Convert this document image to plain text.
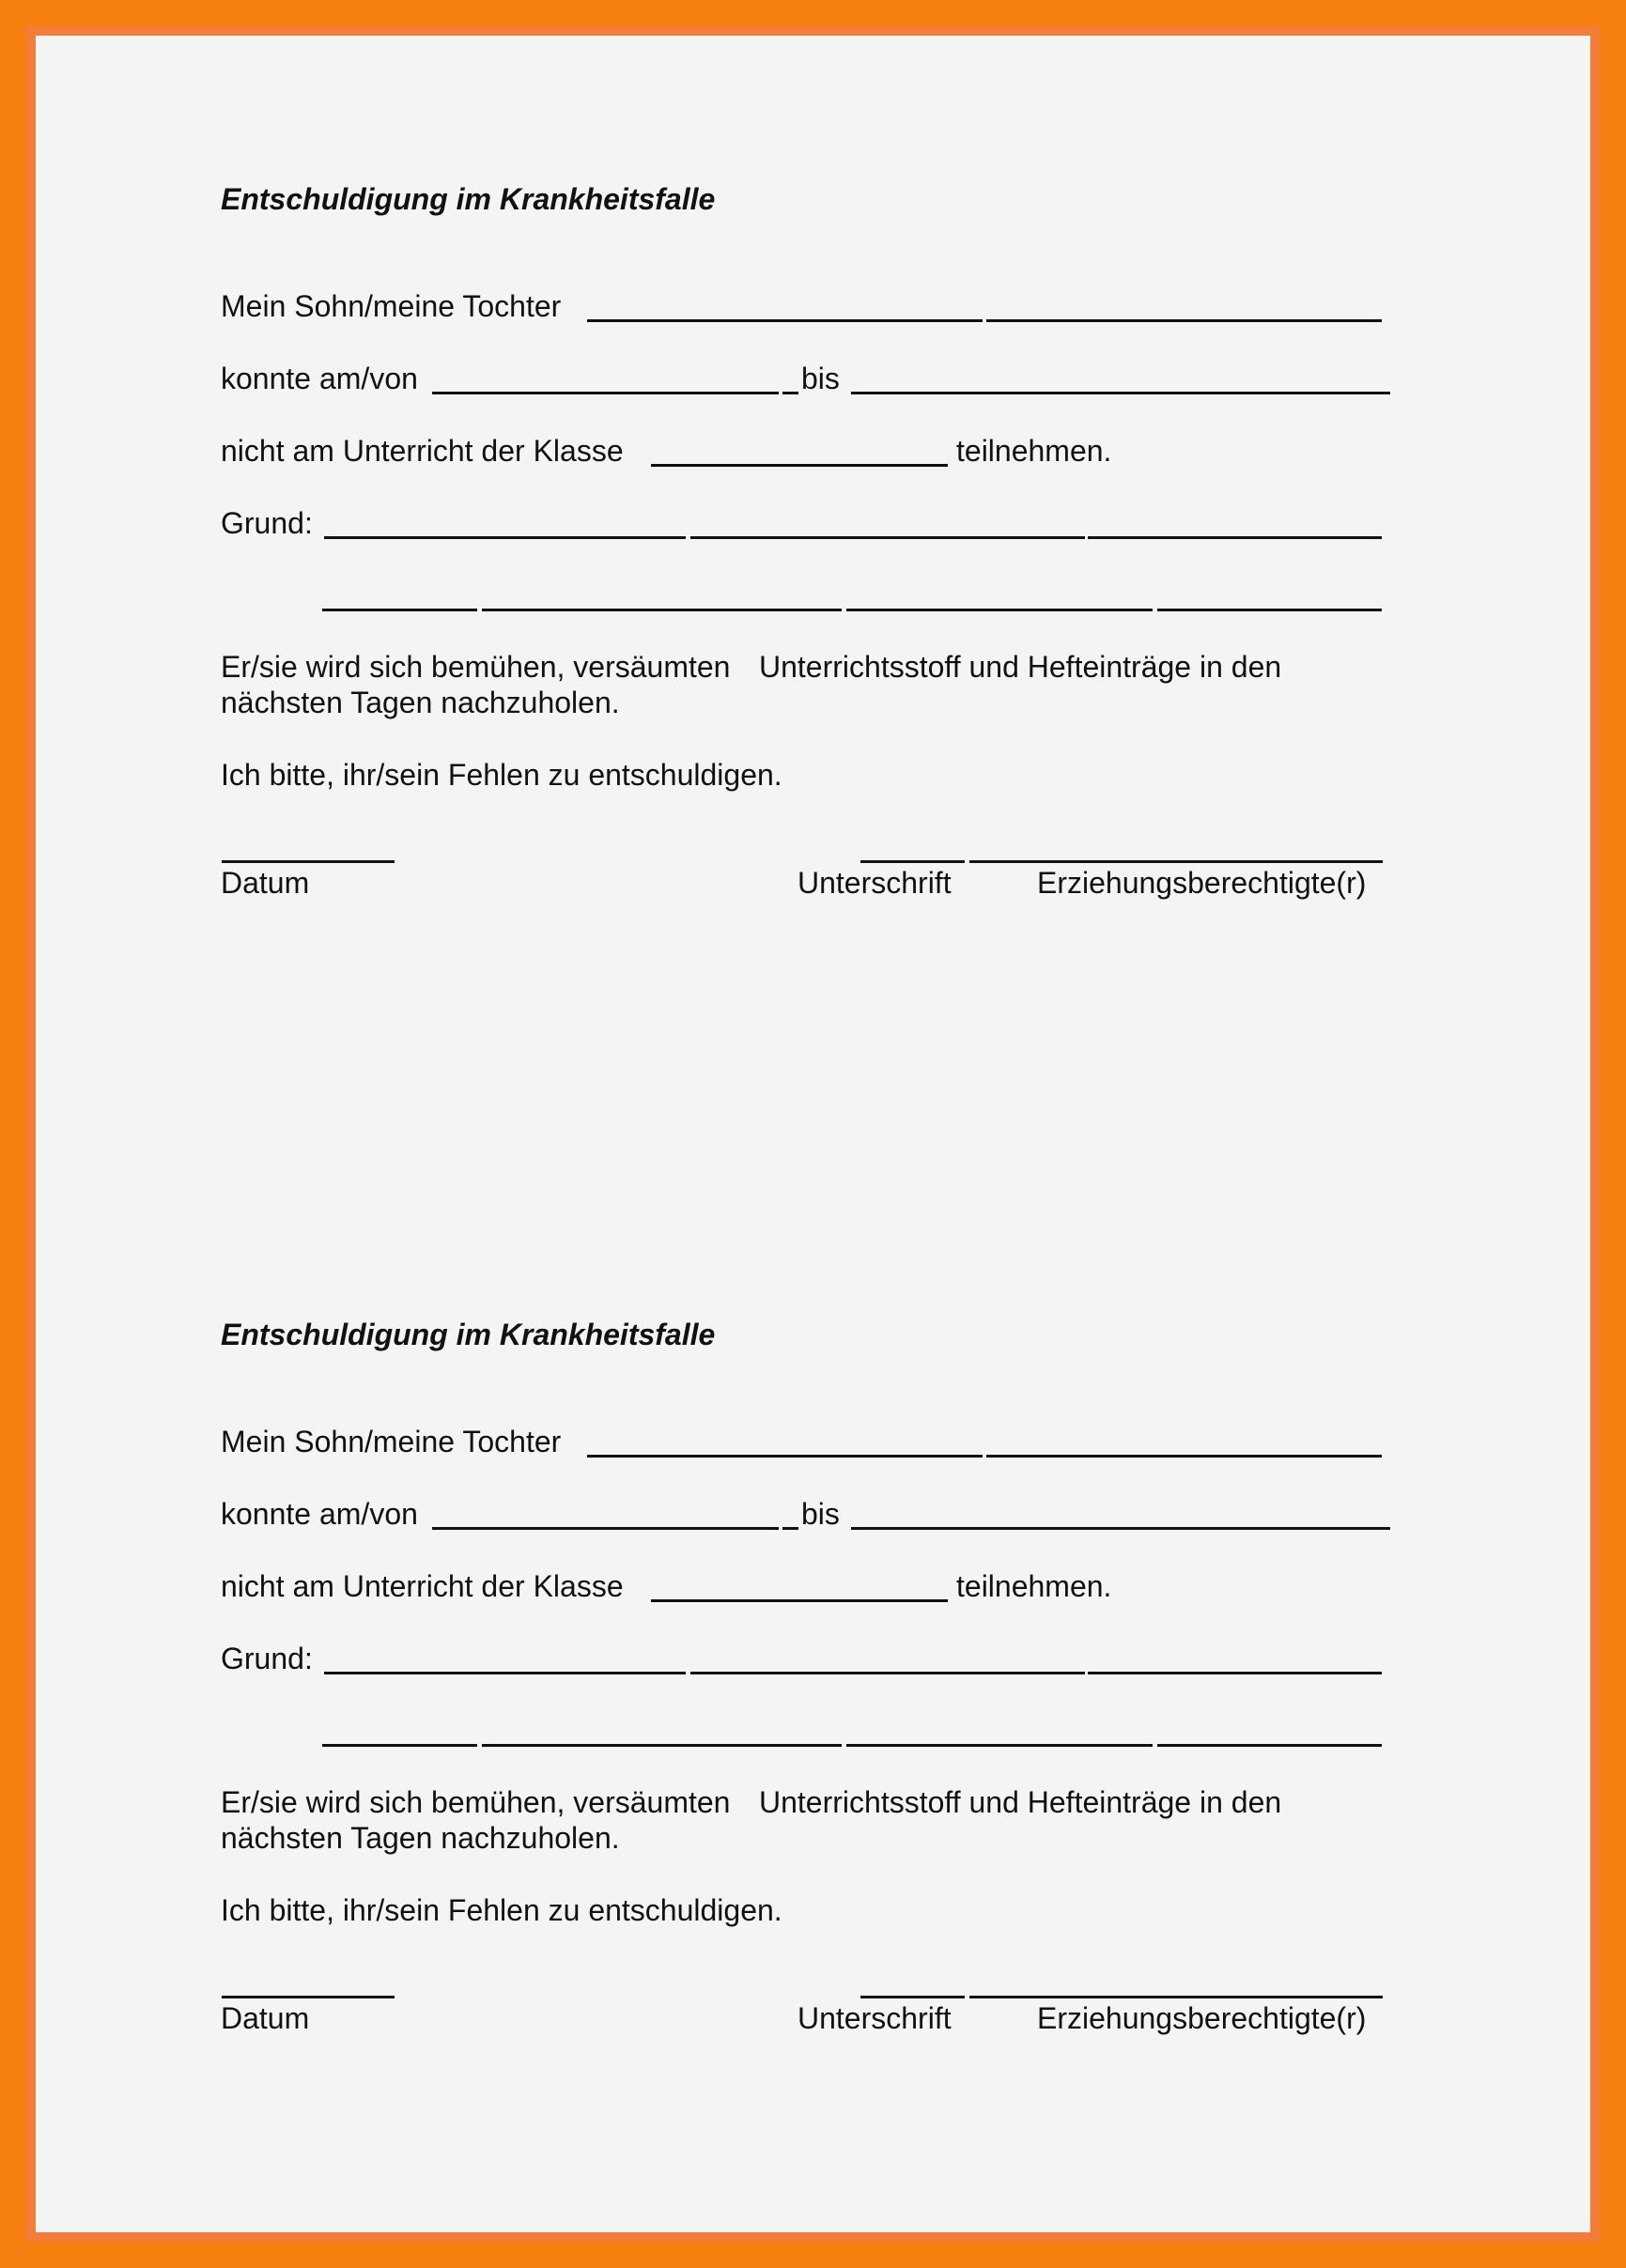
Entschuldigung im Krankheitsfalle
Mein Sohn/meine Tochter
konnte am/von	bis
nicht am Unterricht der Klasse	teilnehmen.
Grund:
Er/sie wird sich bemühen, versäumten Unterrichtsstoff und Hefteinträge in den
nächsten Tagen nachzuholen.
Ich bitte, ihr/sein Fehlen zu entschuldigen.
Datum	Unterschrift	Erziehungsberechtigte(r)
Entschuldigung im Krankheitsfalle
Mein Sohn/meine Tochter
konnte am/von	bis
nicht am Unterricht der Klasse	teilnehmen.
Grund:
Er/sie wird sich bemühen, versäumten Unterrichtsstoff und Hefteinträge in den
nächsten Tagen nachzuholen.
Ich bitte, ihr/sein Fehlen zu entschuldigen.
Datum	Unterschrift	Erziehungsberechtigte(r)
